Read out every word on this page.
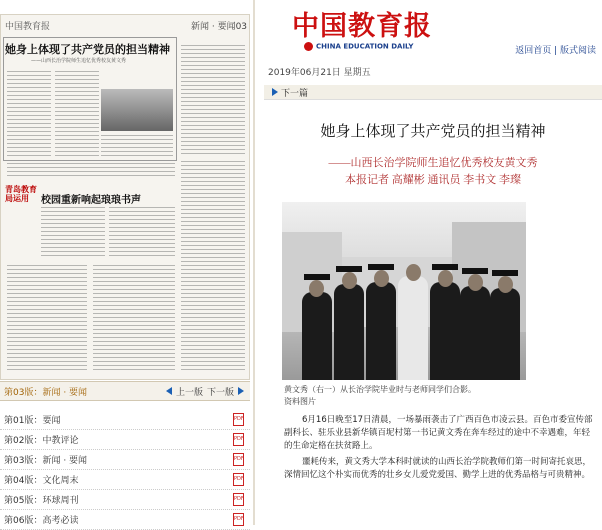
中国教育报	新闻 · 要闻03
她身上体现了共产党员的担当精神
——山西长治学院师生追忆优秀校友黄文秀
青岛教育局运用	校园重新响起琅琅书声
第03版：新闻 · 要闻	上一版 下一版
第01版：要闻	PDF
第02版：中教评论	PDF
第03版：新闻 · 要闻	PDF
第04版：文化周末	PDF
第05版：环球周刊	PDF
第06版：高考必读	PDF
中国教育报
CHINA EDUCATION DAILY	返回首页 | 版式阅读
2019年06月21日 星期五
下一篇
她身上体现了共产党员的担当精神
——山西长治学院师生追忆优秀校友黄文秀
本报记者 高耀彬 通讯员 李书文 李璨
黄文秀（右一）从长治学院毕业时与老师同学们合影。
资料图片

6月16日晚至17日清晨，一场暴雨袭击了广西百色市凌云县。百色市委宣传部副科长、驻乐业县新华镇百坭村第一书记黄文秀在奔车经过的途中不幸遇难，年轻的生命定格在扶贫路上。

噩耗传来，黄文秀大学本科时就读的山西长治学院教师们第一时间寄托哀思，深情回忆这个朴实而优秀的壮乡女儿爱党爱国、勤学上进的优秀品格与可贵精神。
